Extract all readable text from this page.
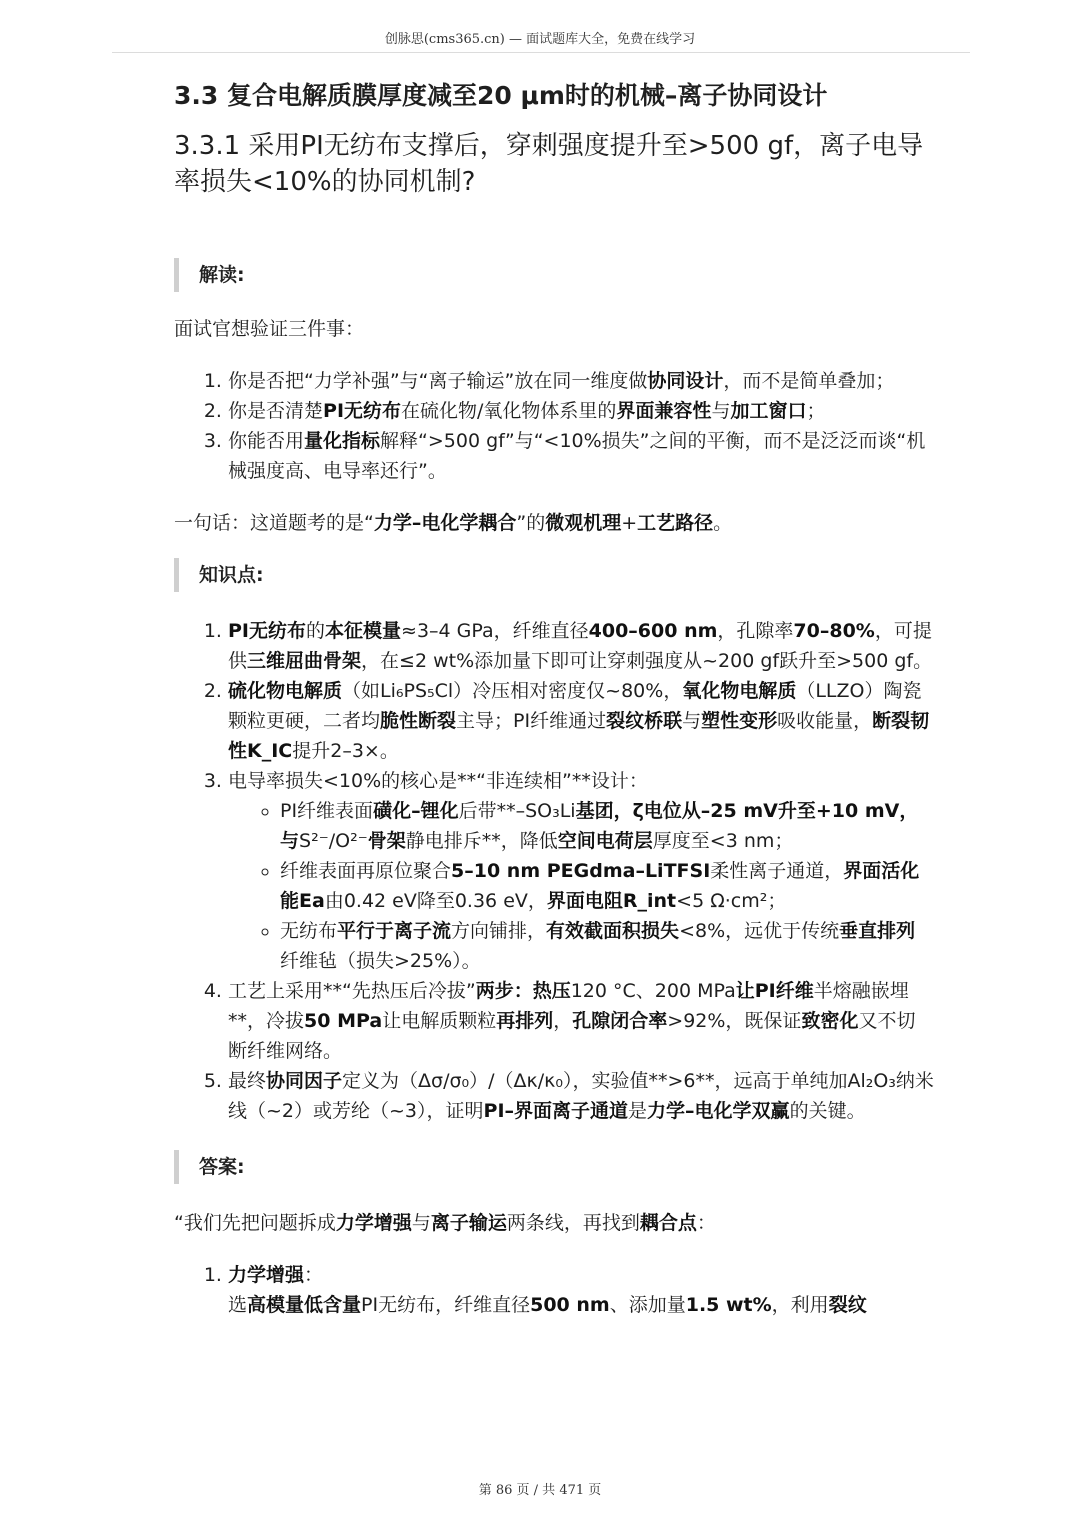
创脉思(cms365.cn) — 面试题库大全，免费在线学习
3.3 复合电解质膜厚度减至20 μm时的机械–离子协同设计
3.3.1 采用PI无纺布支撑后，穿刺强度提升至>500 gf，离子电导率损失<10%的协同机制?
解读:

面试官想验证三件事：

1. 你是否把“力学补强”与“离子输运”放在同一维度做协同设计，而不是简单叠加；
2. 你是否清楚PI无纺布在硫化物/氧化物体系里的界面兼容性与加工窗口；
3. 你能否用量化指标解释“>500 gf”与“<10%损失”之间的平衡，而不是泛泛而谈“机械强度高、电导率还行”。

一句话：这道题考的是“力学–电化学耦合”的微观机理+工艺路径。

知识点:
1. PI无纺布的本征模量≈3–4 GPa，纤维直径400–600 nm，孔隙率70–80%，可提供三维屈曲骨架，在≤2 wt%添加量下即可让穿刺强度从~200 gf跃升至>500 gf。
2. 硫化物电解质（如Li₆PS₅Cl）冷压相对密度仅~80%，氧化物电解质（LLZO）陶瓷颗粒更硬，二者均脆性断裂主导；PI纤维通过裂纹桥联与塑性变形吸收能量，断裂韧性K_IC提升2–3×。
3. 电导率损失<10%的核心是**“非连续相”**设计：
◦ PI纤维表面磺化–锂化后带**–SO₃Li基团，ζ电位从–25 mV升至+10 mV，与S²⁻/O²⁻骨架静电排斥**，降低空间电荷层厚度至<3 nm；
◦ 纤维表面再原位聚合5–10 nm PEGdma–LiTFSI柔性离子通道，界面活化能Ea由0.42 eV降至0.36 eV，界面电阻R_int<5 Ω·cm²；
◦ 无纺布平行于离子流方向铺排，有效截面积损失<8%，远优于传统垂直排列纤维毡（损失>25%）。
4. 工艺上采用**“先热压后冷拔”两步：热压120 °C、200 MPa让PI纤维半熔融嵌埋**，冷拔50 MPa让电解质颗粒再排列，孔隙闭合率>92%，既保证致密化又不切断纤维网络。
5. 最终协同因子定义为（Δσ/σ₀）/（Δκ/κ₀），实验值**>6**，远高于单纯加Al₂O₃纳米线（~2）或芳纶（~3），证明PI–界面离子通道是力学–电化学双赢的关键。
答案:

“我们先把问题拆成力学增强与离子输运两条线，再找到耦合点：

1. 力学增强：
选高模量低含量PI无纺布，纤维直径500 nm、添加量1.5 wt%，利用裂纹
第 86 页 / 共 471 页
